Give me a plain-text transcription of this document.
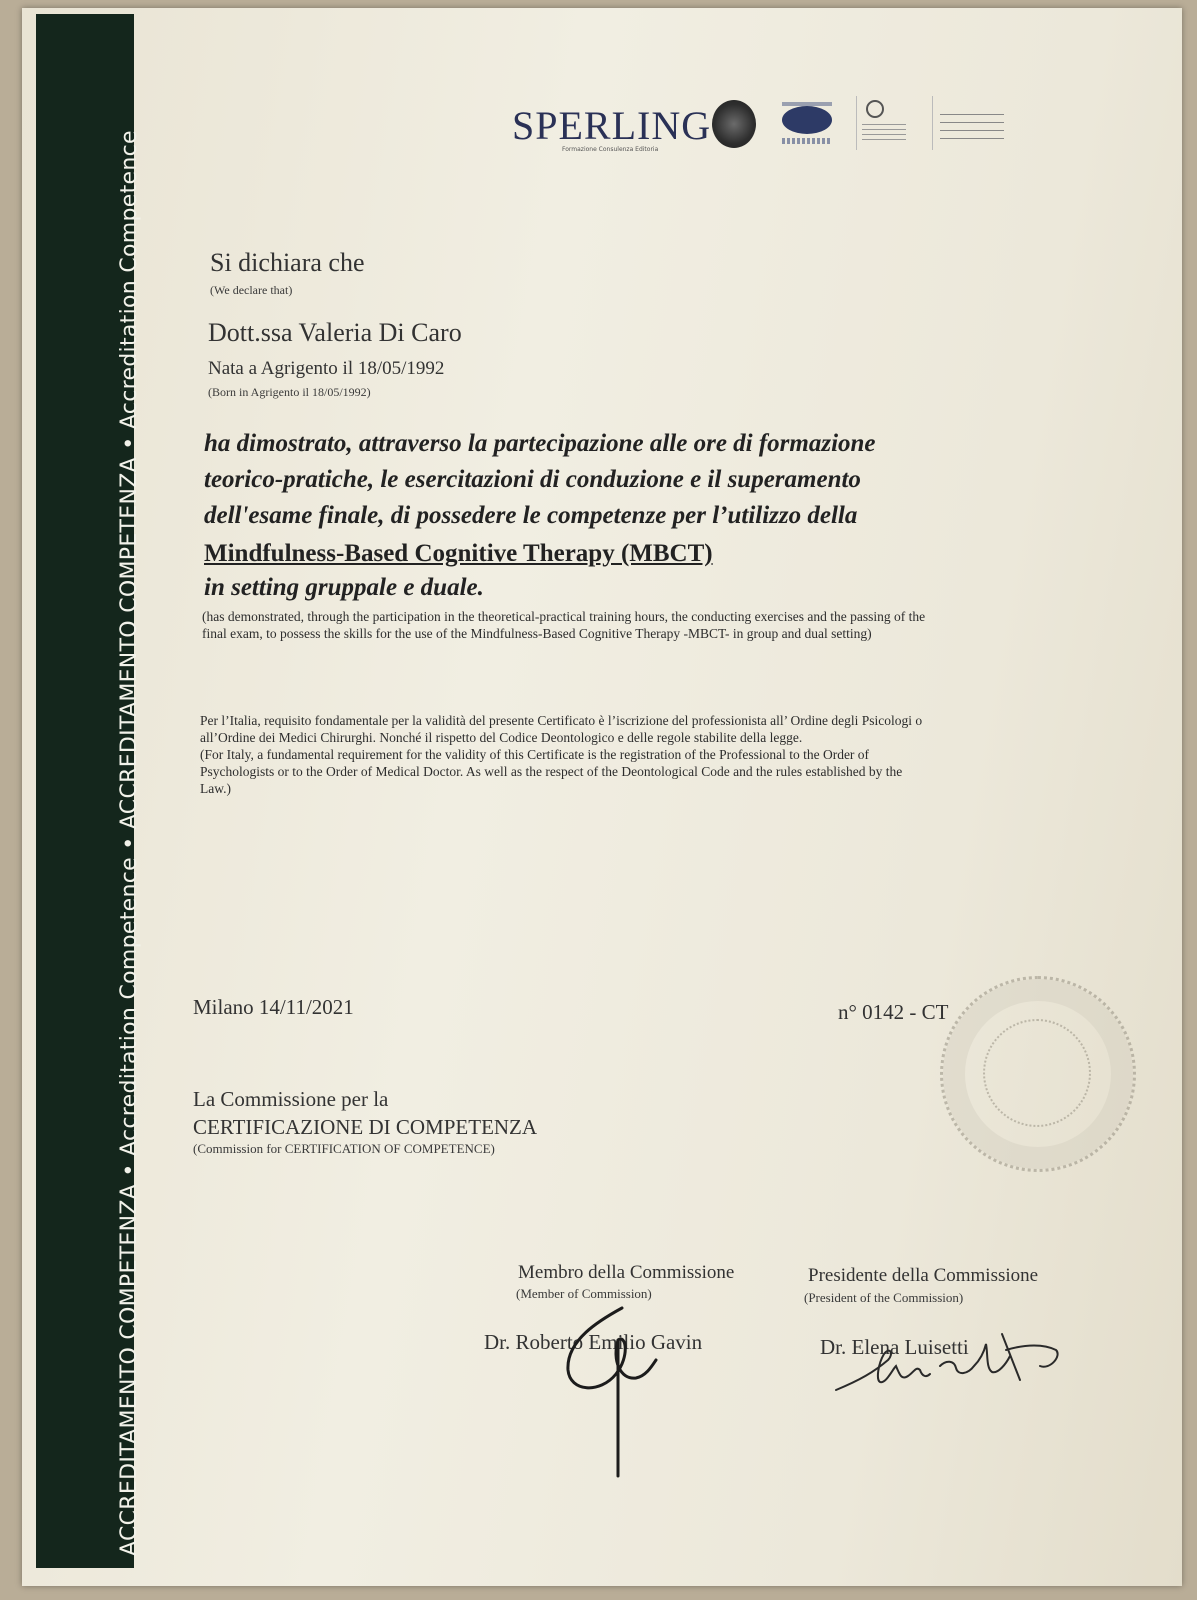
ACCREDITAMENTO COMPETENZA • Accreditation Competence • ACCREDITAMENTO COMPETENZA • Accreditation Competence
SPERLING
Formazione Consulenza Editoria

Si dichiara che

(We declare that)

Dott.ssa Valeria Di Caro

Nata a Agrigento il 18/05/1992

(Born in Agrigento il 18/05/1992)

ha dimostrato, attraverso la partecipazione alle ore di formazione

teorico-pratiche, le esercitazioni di conduzione e il superamento

dell'esame finale, di possedere le competenze per l’utilizzo della

Mindfulness-Based Cognitive Therapy (MBCT)

in setting gruppale e duale.

(has demonstrated, through the participation in the theoretical-practical training hours, the conducting exercises and the passing of the
final exam, to possess the skills for the use of the Mindfulness-Based Cognitive Therapy -MBCT- in group and dual setting)

Per l’Italia, requisito fondamentale per la validità del presente Certificato è l’iscrizione del professionista all’ Ordine degli Psicologi o
all’Ordine dei Medici Chirurghi. Nonché il rispetto del Codice Deontologico e delle regole stabilite della legge.
(For Italy, a fundamental requirement for the validity of this Certificate is the registration of the Professional to the Order of
Psychologists or to the Order of Medical Doctor. As well as the respect of the Deontological Code and the rules established by the
Law.)

Milano 14/11/2021	n° 0142 - CT

La Commissione per la

CERTIFICAZIONE DI COMPETENZA

(Commission for CERTIFICATION OF COMPETENCE)

Membro della Commissione

(Member of Commission)

Dr. Roberto Emilio Gavin

Presidente della Commissione

(President of the Commission)

Dr. Elena Luisetti
